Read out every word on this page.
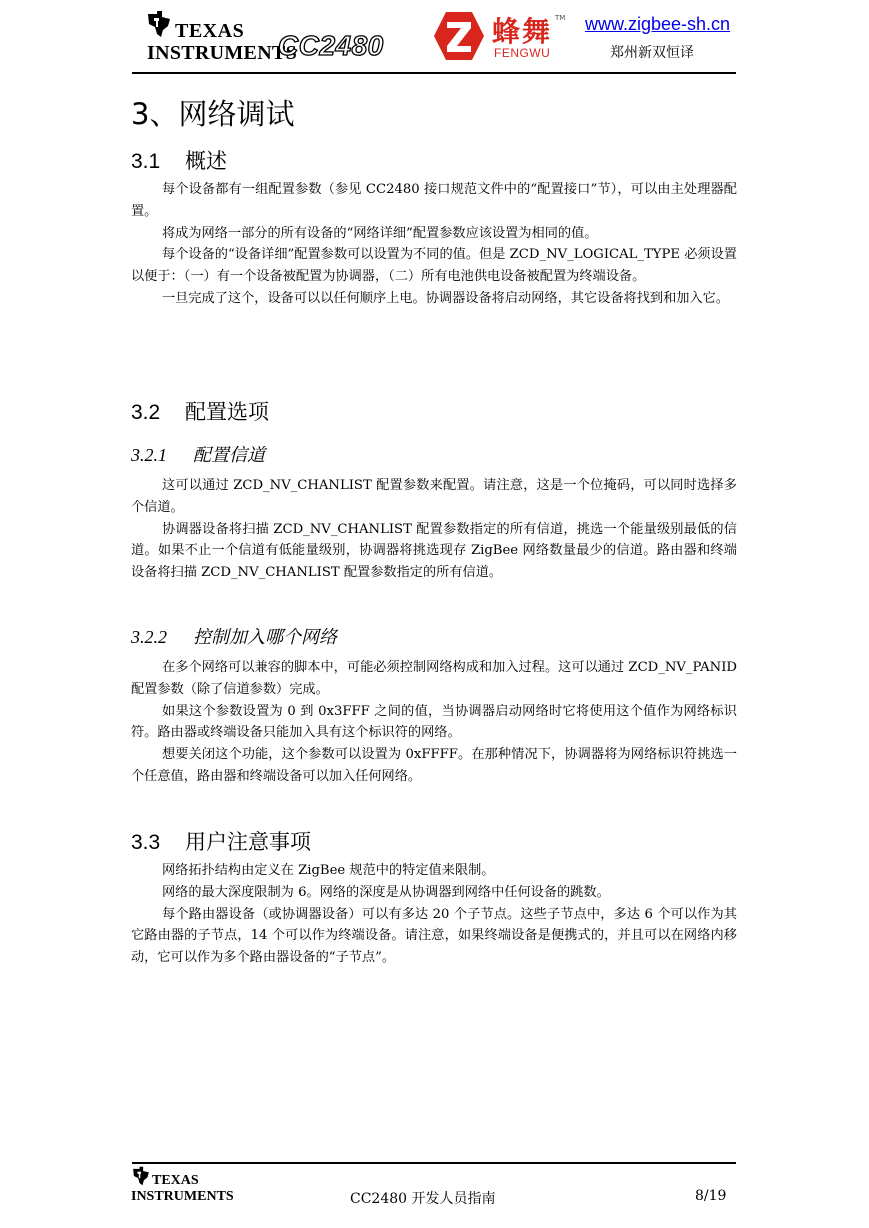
TEXAS
INSTRUMENTS
CC2480	蜂舞 TM
FENGWU
www.zigbee-sh.cn
郑州新双恒译
3、网络调试
3.1 概述

每个设备都有一组配置参数（参见 CC2480 接口规范文件中的“配置接口”节），可以由主处理器配置。

将成为网络一部分的所有设备的“网络详细”配置参数应该设置为相同的值。

每个设备的“设备详细”配置参数可以设置为不同的值。但是 ZCD_NV_LOGICAL_TYPE 必须设置以便于：（一）有一个设备被配置为协调器，（二）所有电池供电设备被配置为终端设备。

一旦完成了这个，设备可以以任何顺序上电。协调器设备将启动网络，其它设备将找到和加入它。

3.2 配置选项
3.2.1 配置信道

这可以通过 ZCD_NV_CHANLIST 配置参数来配置。请注意，这是一个位掩码，可以同时选择多个信道。

协调器设备将扫描 ZCD_NV_CHANLIST 配置参数指定的所有信道，挑选一个能量级别最低的信道。如果不止一个信道有低能量级别，协调器将挑选现存 ZigBee 网络数量最少的信道。路由器和终端设备将扫描 ZCD_NV_CHANLIST 配置参数指定的所有信道。

3.2.2 控制加入哪个网络

在多个网络可以兼容的脚本中，可能必须控制网络构成和加入过程。这可以通过 ZCD_NV_PANID 配置参数（除了信道参数）完成。

如果这个参数设置为 0 到 0x3FFF 之间的值，当协调器启动网络时它将使用这个值作为网络标识符。路由器或终端设备只能加入具有这个标识符的网络。

想要关闭这个功能，这个参数可以设置为 0xFFFF。在那种情况下，协调器将为网络标识符挑选一个任意值，路由器和终端设备可以加入任何网络。

3.3 用户注意事项

网络拓扑结构由定义在 ZigBee 规范中的特定值来限制。

网络的最大深度限制为 6。网络的深度是从协调器到网络中任何设备的跳数。

每个路由器设备（或协调器设备）可以有多达 20 个子节点。这些子节点中，多达 6 个可以作为其它路由器的子节点，14 个可以作为终端设备。请注意，如果终端设备是便携式的，并且可以在网络内移动，它可以作为多个路由器设备的“子节点”。

TEXAS
INSTRUMENTS	CC2480 开发人员指南	8/19
